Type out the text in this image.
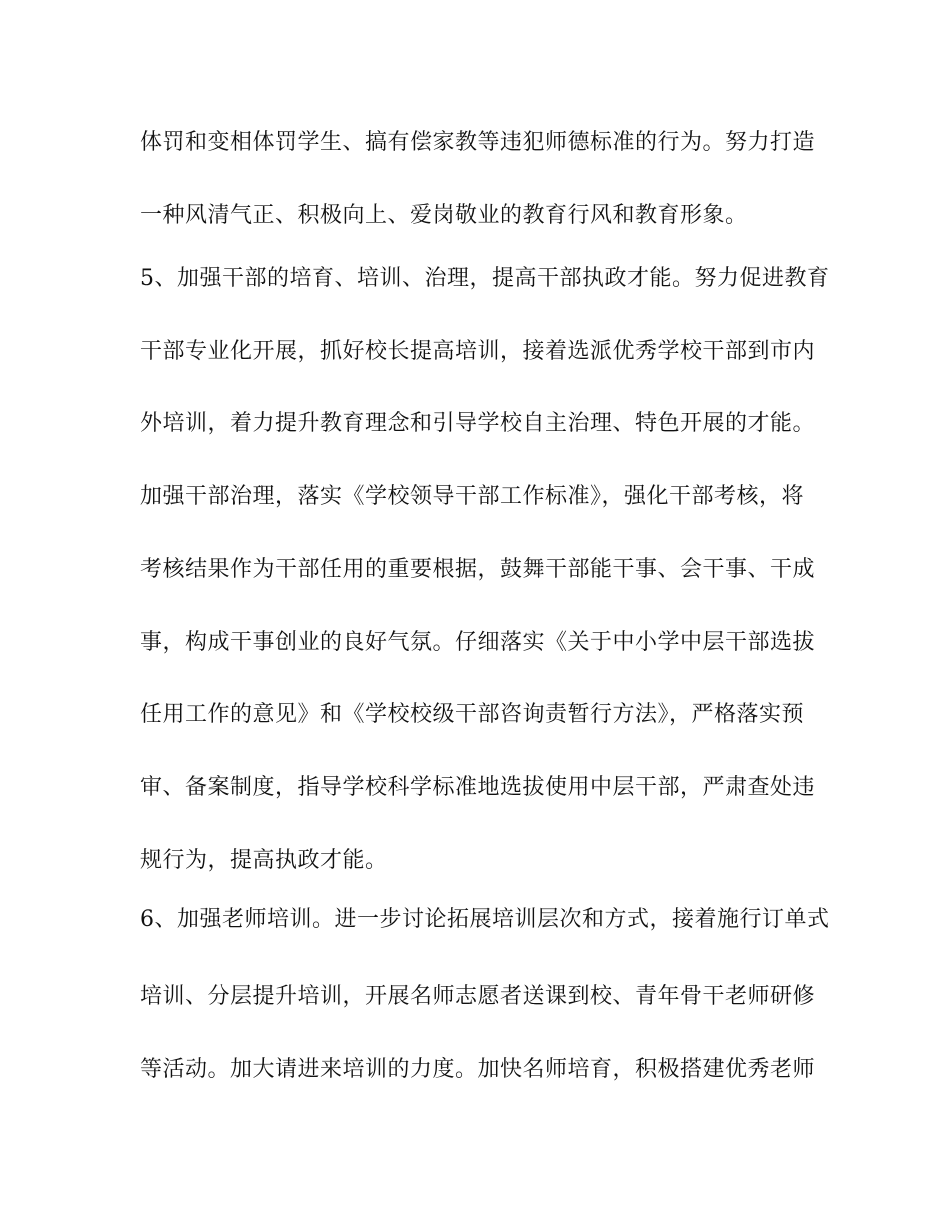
体罚和变相体罚学生、搞有偿家教等违犯师德标准的行为。努力打造
一种风清气正、积极向上、爱岗敬业的教育行风和教育形象。
5、加强干部的培育、培训、治理，提高干部执政才能。努力促进教育
干部专业化开展，抓好校长提高培训，接着选派优秀学校干部到市内
外培训，着力提升教育理念和引导学校自主治理、特色开展的才能。
加强干部治理，落实《学校领导干部工作标准》，强化干部考核，将
考核结果作为干部任用的重要根据，鼓舞干部能干事、会干事、干成
事，构成干事创业的良好气氛。仔细落实《关于中小学中层干部选拔
任用工作的意见》和《学校校级干部咨询责暂行方法》，严格落实预
审、备案制度，指导学校科学标准地选拔使用中层干部，严肃查处违
规行为，提高执政才能。
6、加强老师培训。进一步讨论拓展培训层次和方式，接着施行订单式
培训、分层提升培训，开展名师志愿者送课到校、青年骨干老师研修
等活动。加大请进来培训的力度。加快名师培育，积极搭建优秀老师
